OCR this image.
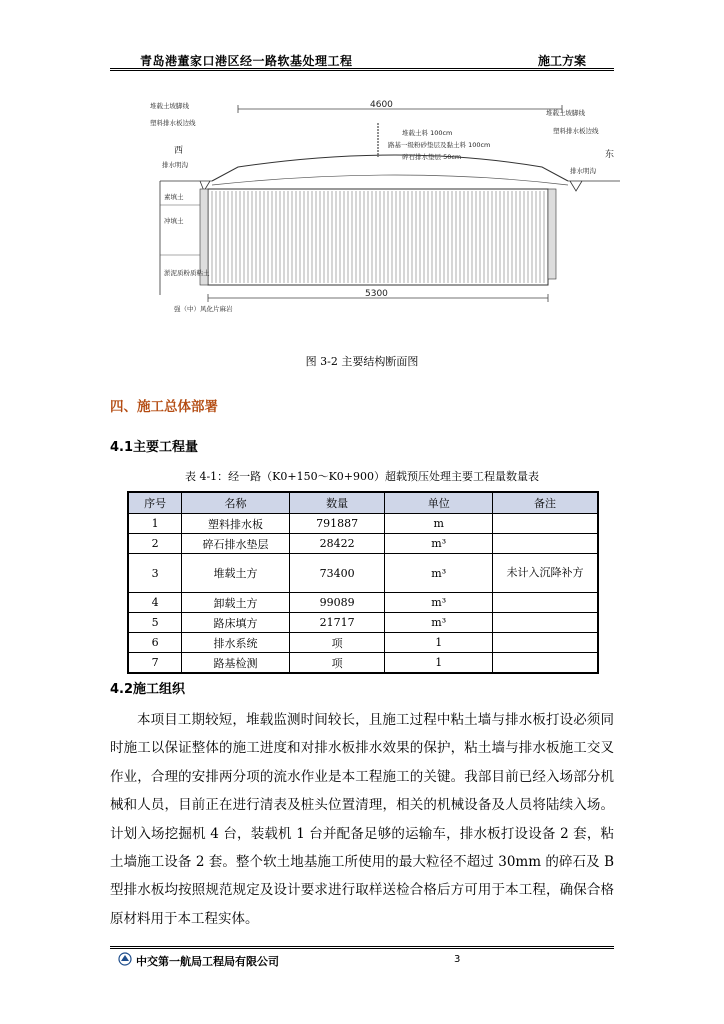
青岛港董家口港区经一路软基处理工程	施工方案
4600
堆载土坡脚线
塑料排水板边线
西
排水明沟
堆载土坡脚线
塑料排水板边线
东
排水明沟
堆载土料 100cm
路基一级粉砂垫层及黏土料 100cm
碎石排水垫层 50cm
素填土
冲填土
淤泥质粉质粘土
5300
强（中）风化片麻岩
图 3-2 主要结构断面图
四、施工总体部署
4.1主要工程量
表 4-1：经一路（K0+150～K0+900）超载预压处理主要工程量数量表
序号	名称	数量	单位	备注
1	塑料排水板	791887	m	
2	碎石排水垫层	28422	m³	
3	堆载土方	73400	m³	未计入沉降补方
4	卸载土方	99089	m³	
5	路床填方	21717	m³	
6	排水系统	项	1	
7	路基检测	项	1	
4.2施工组织

本项目工期较短，堆载监测时间较长，且施工过程中粘土墙与排水板打设必须同时施工以保证整体的施工进度和对排水板排水效果的保护，粘土墙与排水板施工交叉作业，合理的安排两分项的流水作业是本工程施工的关键。我部目前已经入场部分机械和人员，目前正在进行清表及桩头位置清理，相关的机械设备及人员将陆续入场。计划入场挖掘机 4 台，装载机 1 台并配备足够的运输车，排水板打设设备 2 套，粘土墙施工设备 2 套。整个软土地基施工所使用的最大粒径不超过 30mm 的碎石及 B 型排水板均按照规范规定及设计要求进行取样送检合格后方可用于本工程，确保合格原材料用于本工程实体。

中交第一航局工程局有限公司	3
